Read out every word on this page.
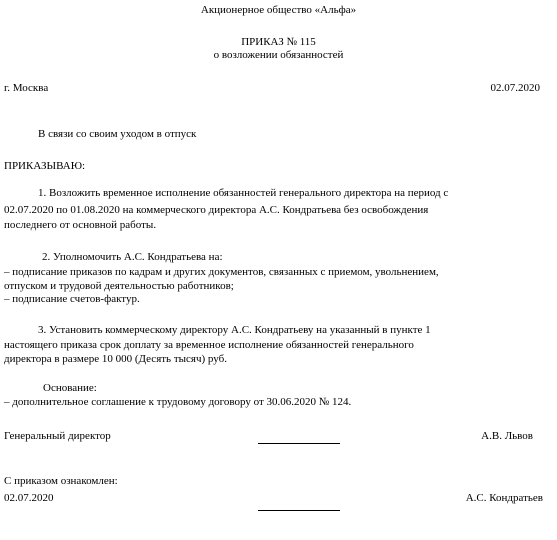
Акционерное общество «Альфа»
ПРИКАЗ № 115
о возложении обязанностей
г. Москва	02.07.2020
В связи со своим уходом в отпуск
ПРИКАЗЫВАЮ:
1. Возложить временное исполнение обязанностей генерального директора на период с
02.07.2020 по 01.08.2020 на коммерческого директора А.С. Кондратьева без освобождения
последнего от основной работы.
2. Уполномочить А.С. Кондратьева на:
– подписание приказов по кадрам и других документов, связанных с приемом, увольнением,
отпуском и трудовой деятельностью работников;
– подписание счетов-фактур.
3. Установить коммерческому директору А.С. Кондратьеву на указанный в пункте 1
настоящего приказа срок доплату за временное исполнение обязанностей генерального
директора в размере 10 000 (Десять тысяч) руб.
Основание:
– дополнительное соглашение к трудовому договору от 30.06.2020 № 124.
Генеральный директор	А.В. Львов
С приказом ознакомлен:
02.07.2020	А.С. Кондратьев
